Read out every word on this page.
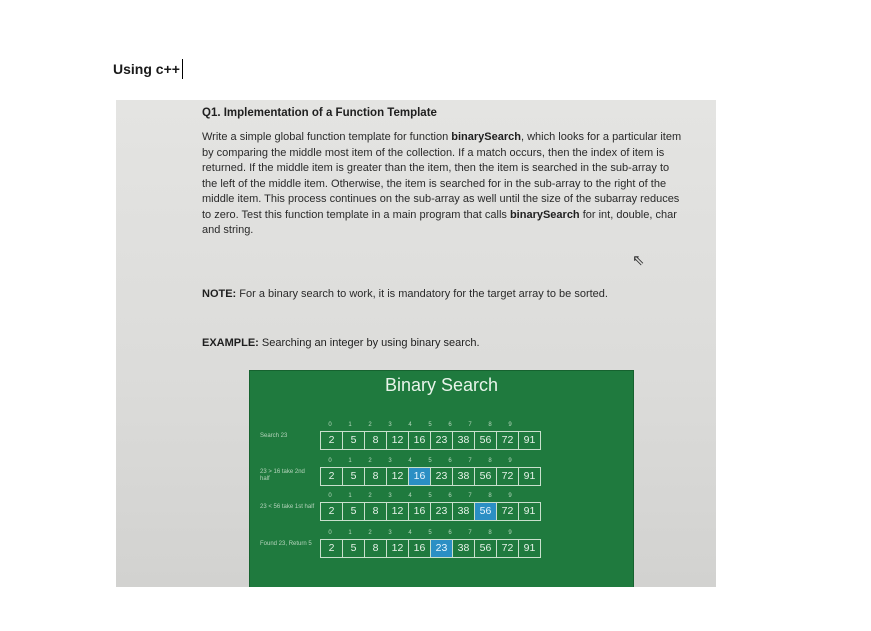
Using c++
Q1. Implementation of a Function Template
Write a simple global function template for function binarySearch, which looks for a particular item by comparing the middle most item of the collection. If a match occurs, then the index of item is returned. If the middle item is greater than the item, then the item is searched in the sub-array to the left of the middle item. Otherwise, the item is searched for in the sub-array to the right of the middle item. This process continues on the sub-array as well until the size of the subarray reduces to zero. Test this function template in a main program that calls binarySearch for int, double, char and string.
⇖
NOTE: For a binary search to work, it is mandatory for the target array to be sorted.
EXAMPLE: Searching an integer by using binary search.
Binary Search
0	1	2	3	4	5	6	7	8	9
2	5	8	12 16 23 38 56 72 91
Search 23
0	1	2	3	4	5	6	7	8	9
2	5	8	12 16 23 38 56 72 91
23 > 16 take 2nd half
0	1	2	3	4	5	6	7	8	9
2	5	8	12 16 23 38 56 72 91
23 < 56 take 1st half
0	1	2	3	4	5	6	7	8	9
2	5	8	12 16 23 38 56 72 91
Found 23, Return 5
